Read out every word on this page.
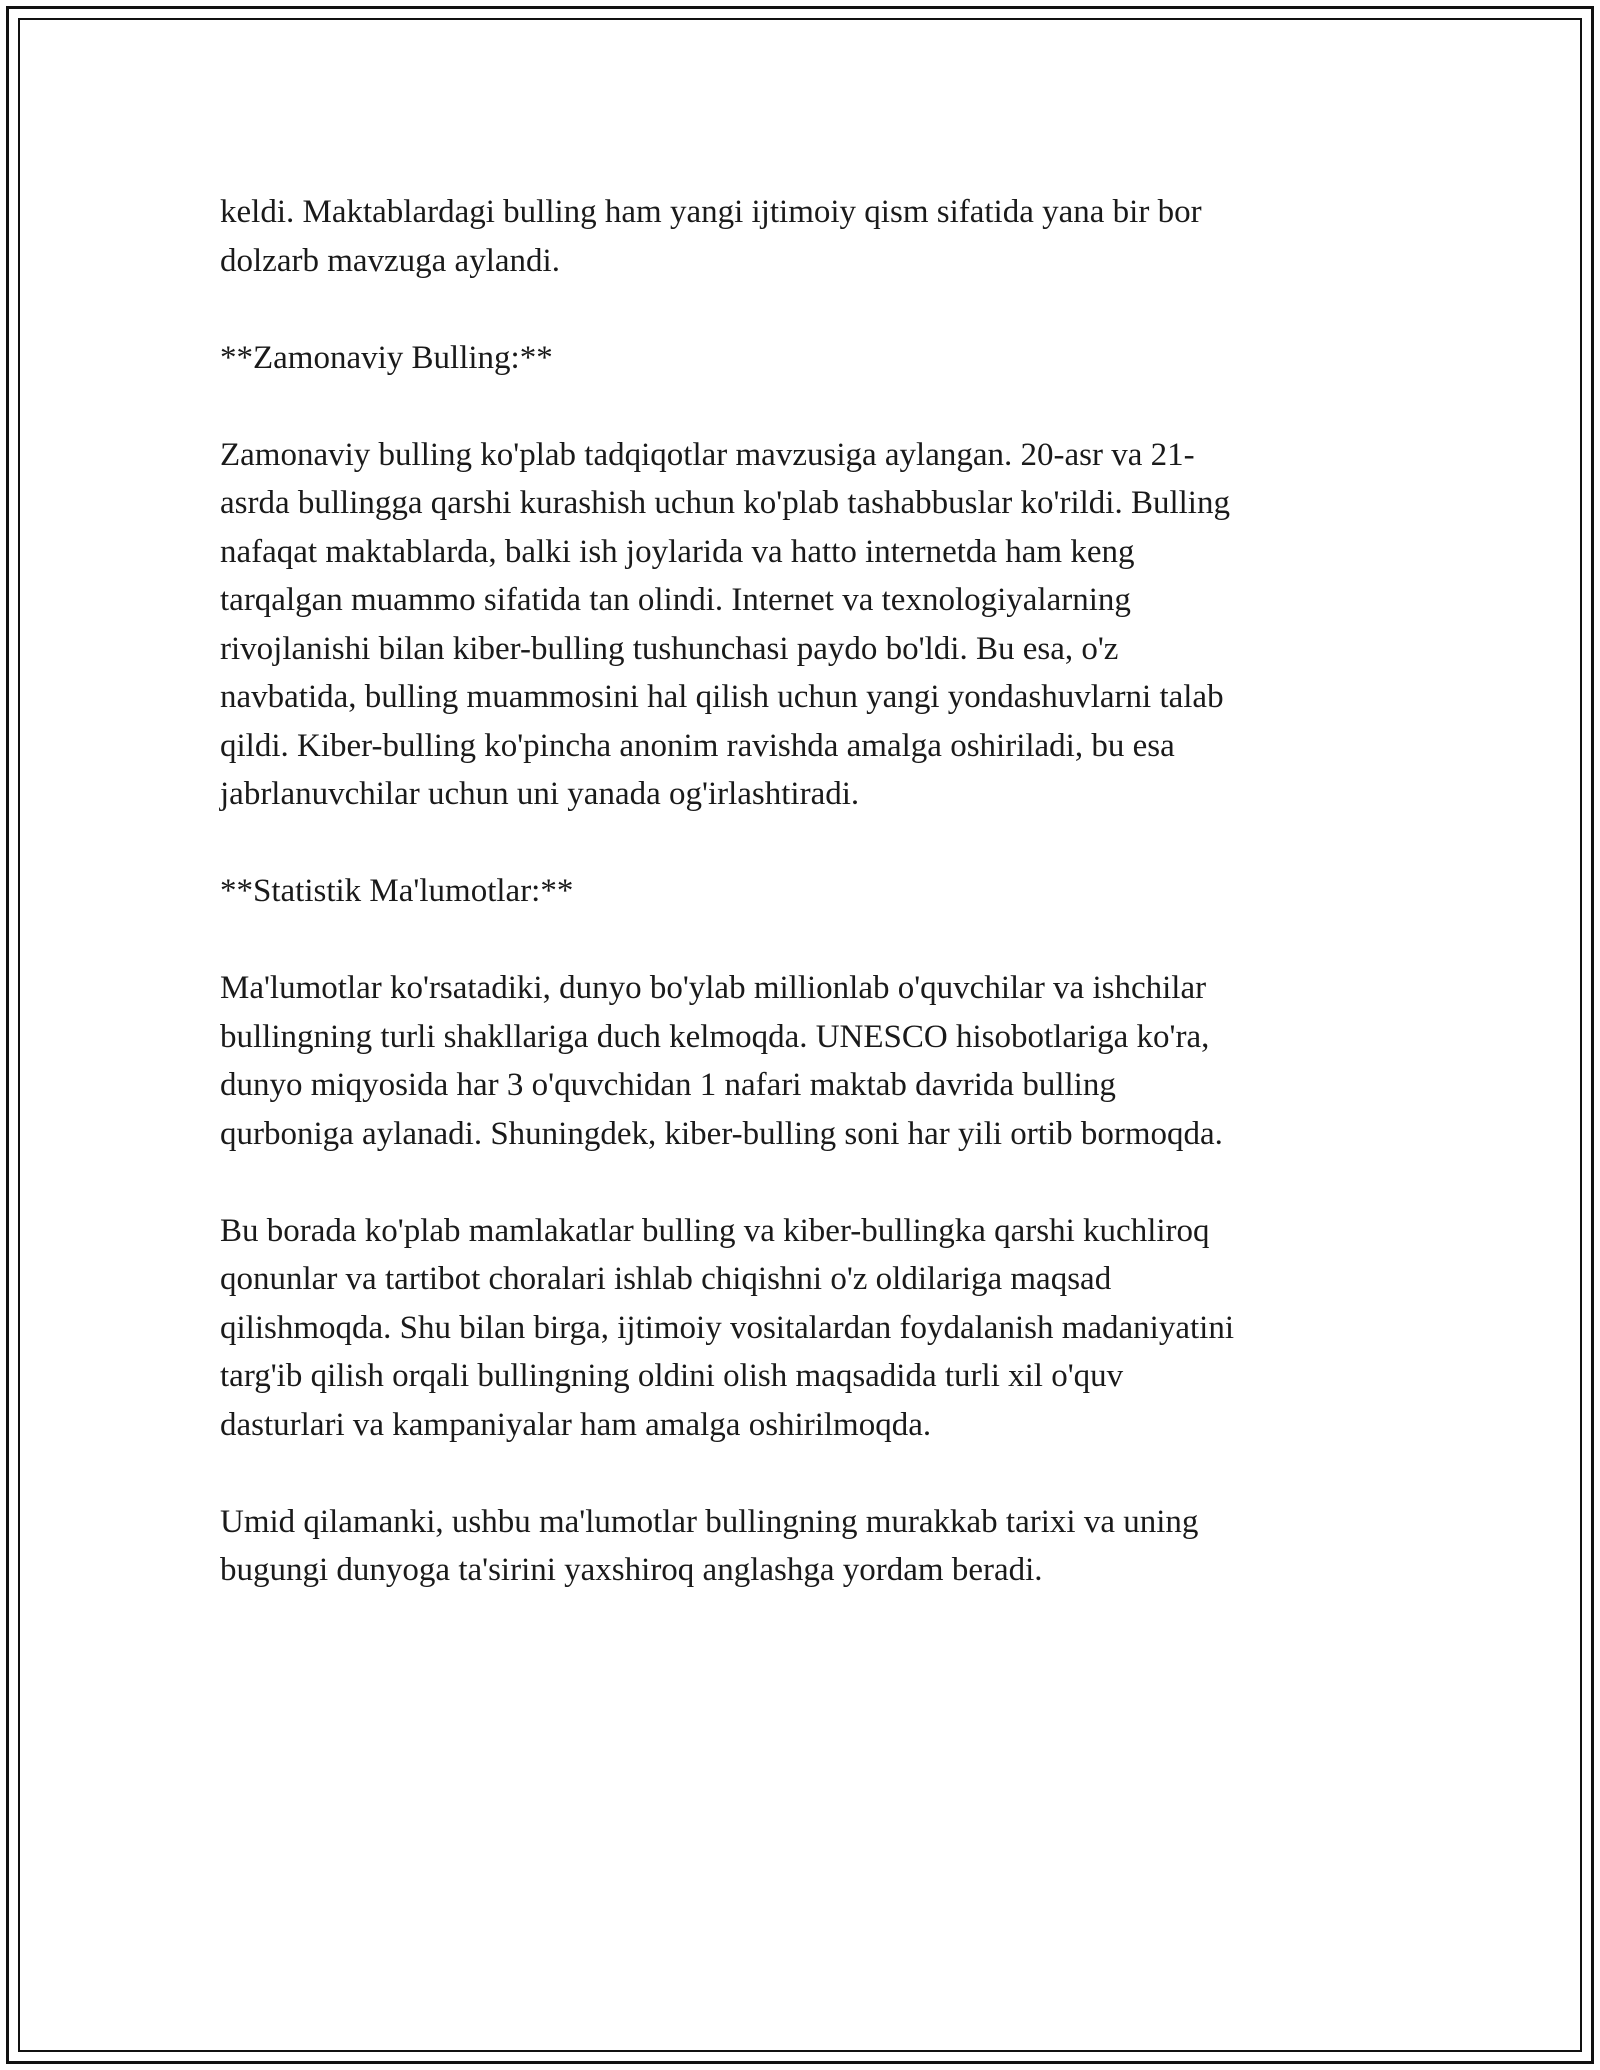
keldi. Maktablardagi bulling ham yangi ijtimoiy qism sifatida yana bir bor
dolzarb mavzuga aylandi.

**Zamonaviy Bulling:**

Zamonaviy bulling ko'plab tadqiqotlar mavzusiga aylangan. 20-asr va 21-
asrda bullingga qarshi kurashish uchun ko'plab tashabbuslar ko'rildi. Bulling
nafaqat maktablarda, balki ish joylarida va hatto internetda ham keng
tarqalgan muammo sifatida tan olindi. Internet va texnologiyalarning
rivojlanishi bilan kiber-bulling tushunchasi paydo bo'ldi. Bu esa, o'z
navbatida, bulling muammosini hal qilish uchun yangi yondashuvlarni talab
qildi. Kiber-bulling ko'pincha anonim ravishda amalga oshiriladi, bu esa
jabrlanuvchilar uchun uni yanada og'irlashtiradi.

**Statistik Ma'lumotlar:**

Ma'lumotlar ko'rsatadiki, dunyo bo'ylab millionlab o'quvchilar va ishchilar
bullingning turli shakllariga duch kelmoqda. UNESCO hisobotlariga ko'ra,
dunyo miqyosida har 3 o'quvchidan 1 nafari maktab davrida bulling
qurboniga aylanadi. Shuningdek, kiber-bulling soni har yili ortib bormoqda.

Bu borada ko'plab mamlakatlar bulling va kiber-bullingka qarshi kuchliroq
qonunlar va tartibot choralari ishlab chiqishni o'z oldilariga maqsad
qilishmoqda. Shu bilan birga, ijtimoiy vositalardan foydalanish madaniyatini
targ'ib qilish orqali bullingning oldini olish maqsadida turli xil o'quv
dasturlari va kampaniyalar ham amalga oshirilmoqda.

Umid qilamanki, ushbu ma'lumotlar bullingning murakkab tarixi va uning
bugungi dunyoga ta'sirini yaxshiroq anglashga yordam beradi.
